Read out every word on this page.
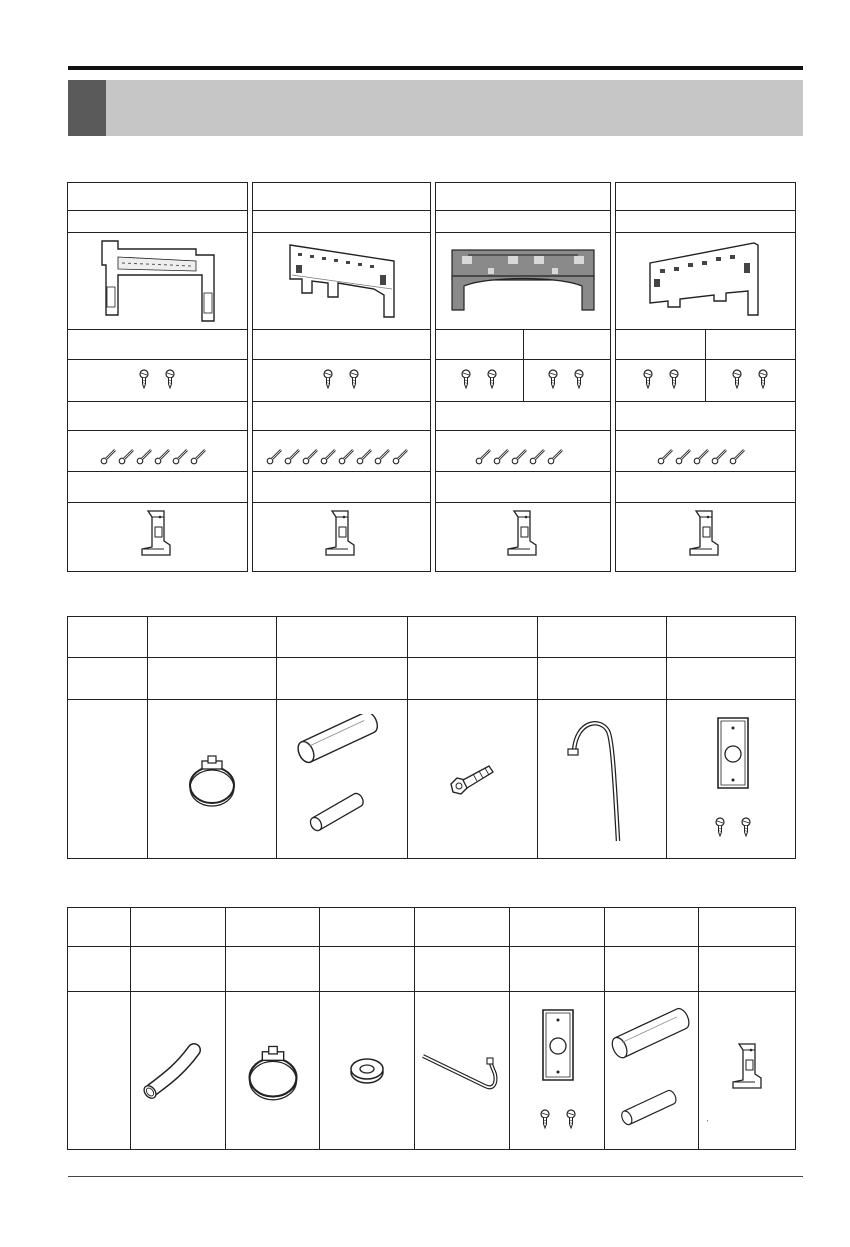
'
